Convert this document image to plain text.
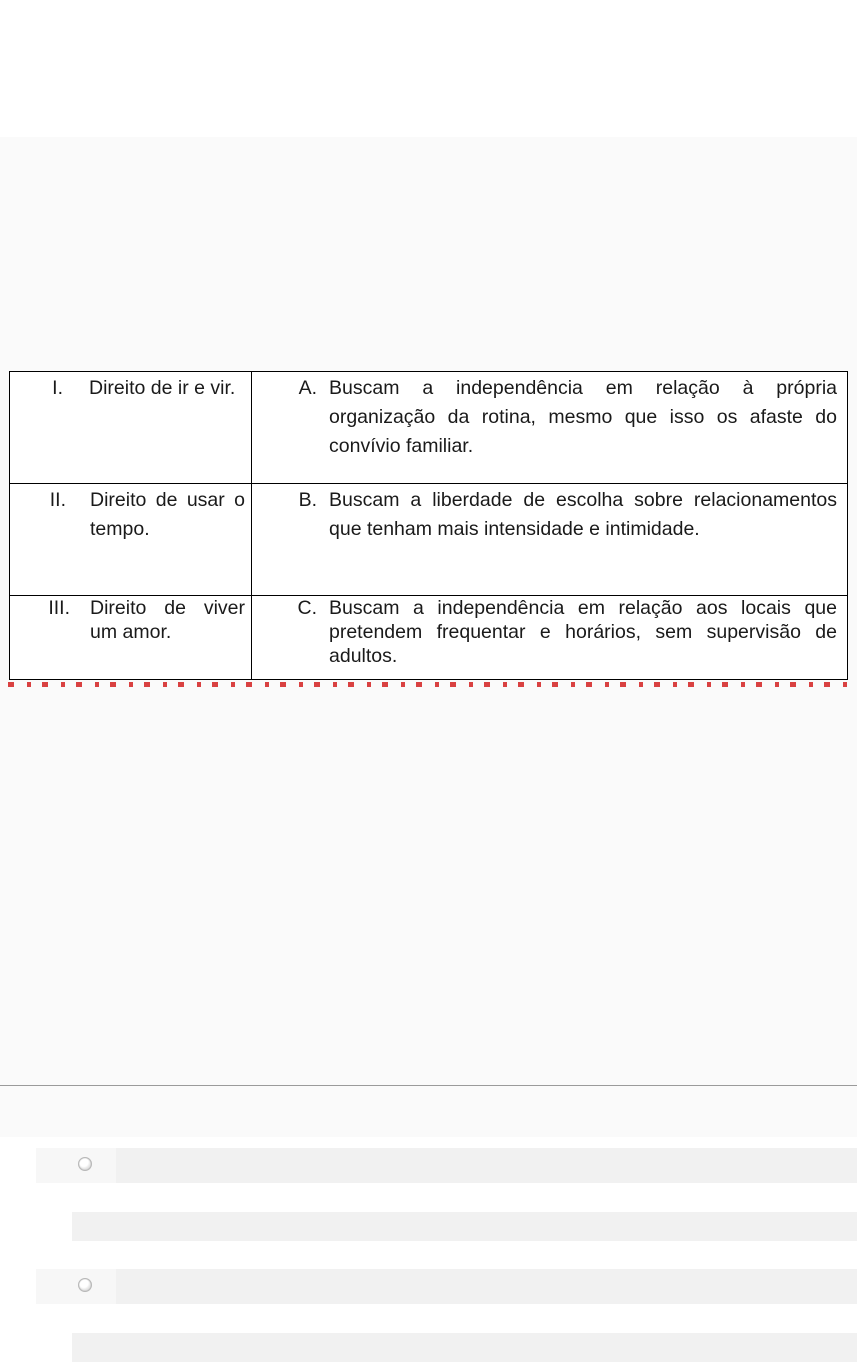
I. Direito de ir e vir.	A. Buscam a independência em relação à própria organização da rotina, mesmo que isso os afaste do convívio familiar.

II. Direito de usar o tempo.	B. Buscam a liberdade de escolha sobre relacionamentos que tenham mais intensidade e intimidade.

III. Direito de viver um amor.	C. Buscam a independência em relação aos locais que pretendem frequentar e horários, sem supervisão de adultos.
